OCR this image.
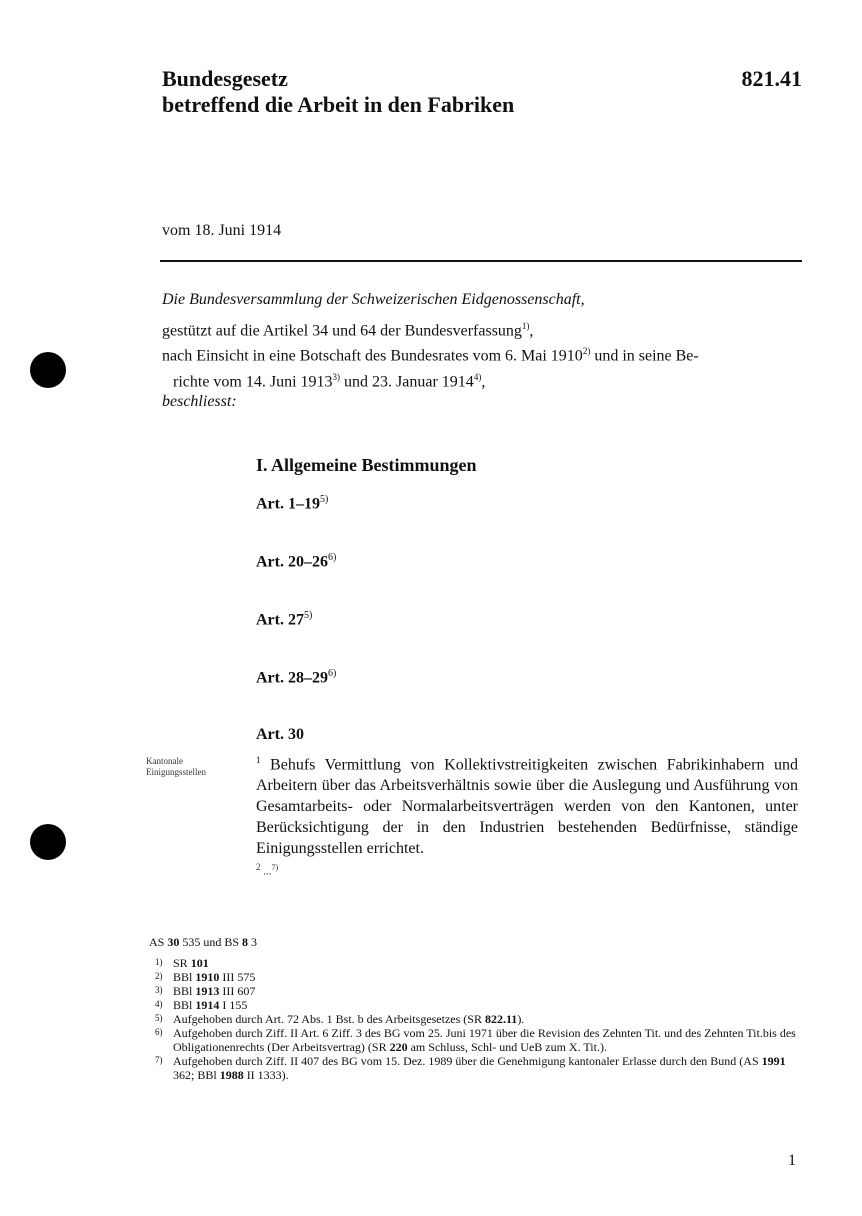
Bundesgesetz
betreffend die Arbeit in den Fabriken
821.41
vom 18. Juni 1914
Die Bundesversammlung der Schweizerischen Eidgenossenschaft,
gestützt auf die Artikel 34 und 64 der Bundesverfassung$^{1)}$,
nach Einsicht in eine Botschaft des Bundesrates vom 6. Mai 1910$^{2)}$ und in seine Be-
richte vom 14. Juni 1913$^{3)}$ und 23. Januar 1914$^{4)}$,
beschliesst:
I. Allgemeine Bestimmungen
Art. 1–19$^{5)}$
Art. 20–26$^{6)}$
Art. 27$^{5)}$
Art. 28–29$^{6)}$
Art. 30
Kantonale Einigungsstellen
$^1$ Behufs Vermittlung von Kollektivstreitigkeiten zwischen Fabrikinhabern und Arbeitern über das Arbeitsverhältnis sowie über die Auslegung und Ausführung von Gesamtarbeits- oder Normalarbeitsverträgen werden von den Kantonen, unter Berücksichtigung der in den Industrien bestehenden Bedürfnisse, ständige Einigungsstellen errichtet.
$^2$ ...$^{7)}$
AS 30 535 und BS 8 3
1) SR 101
2) BBl 1910 III 575
3) BBl 1913 III 607
4) BBl 1914 I 155
5) Aufgehoben durch Art. 72 Abs. 1 Bst. b des Arbeitsgesetzes (SR 822.11).
6) Aufgehoben durch Ziff. II Art. 6 Ziff. 3 des BG vom 25. Juni 1971 über die Revision des Zehnten Tit. und des Zehnten Tit.bis des Obligationenrechts (Der Arbeitsvertrag) (SR 220 am Schluss, Schl- und UeB zum X. Tit.).
7) Aufgehoben durch Ziff. II 407 des BG vom 15. Dez. 1989 über die Genehmigung kantonaler Erlasse durch den Bund (AS 1991 362; BBl 1988 II 1333).
1
